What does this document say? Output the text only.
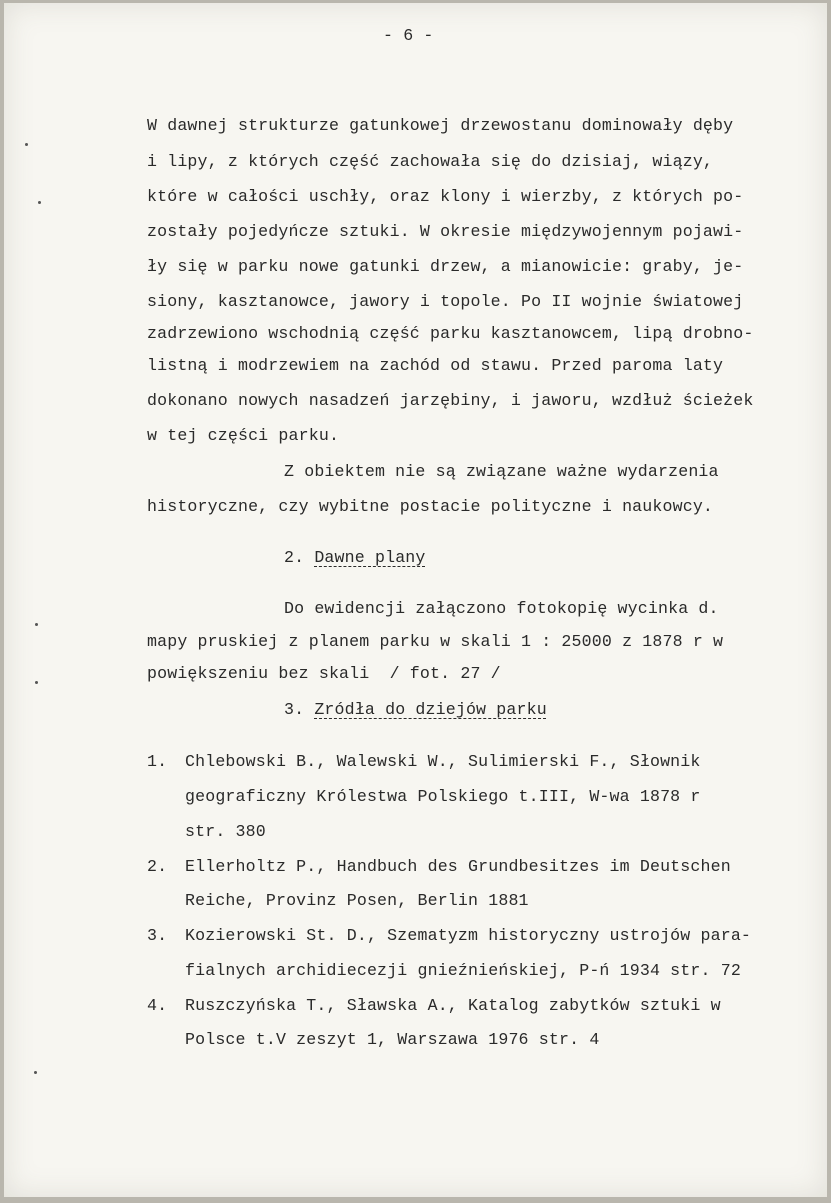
- 6 -
W dawnej strukturze gatunkowej drzewostanu dominowały dęby
i lipy, z których część zachowała się do dzisiaj, wiązy,
które w całości uschły, oraz klony i wierzby, z których po-
zostały pojedyńcze sztuki. W okresie międzywojennym pojawi-
ły się w parku nowe gatunki drzew, a mianowicie: graby, je-
siony, kasztanowce, jawory i topole. Po II wojnie światowej
zadrzewiono wschodnią część parku kasztanowcem, lipą drobno-
listną i modrzewiem na zachód od stawu. Przed paroma laty
dokonano nowych nasadzeń jarzębiny, i jaworu, wzdłuż ścieżek
w tej części parku.
Z obiektem nie są związane ważne wydarzenia
historyczne, czy wybitne postacie polityczne i naukowcy.
2. Dawne plany
Do ewidencji załączono fotokopię wycinka d.
mapy pruskiej z planem parku w skali 1 : 25000 z 1878 r w
powiększeniu bez skali  / fot. 27 /
3. Zródła do dziejów parku
1. Chlebowski B., Walewski W., Sulimierski F., Słownik
geograficzny Królestwa Polskiego t.III, W-wa 1878 r
str. 380
2. Ellerholtz P., Handbuch des Grundbesitzes im Deutschen
Reiche, Provinz Posen, Berlin 1881
3. Kozierowski St. D., Szematyzm historyczny ustrojów para-
fialnych archidiecezji gnieźnieńskiej, P-ń 1934 str. 72
4. Ruszczyńska T., Sławska A., Katalog zabytków sztuki w
Polsce t.V zeszyt 1, Warszawa 1976 str. 4
